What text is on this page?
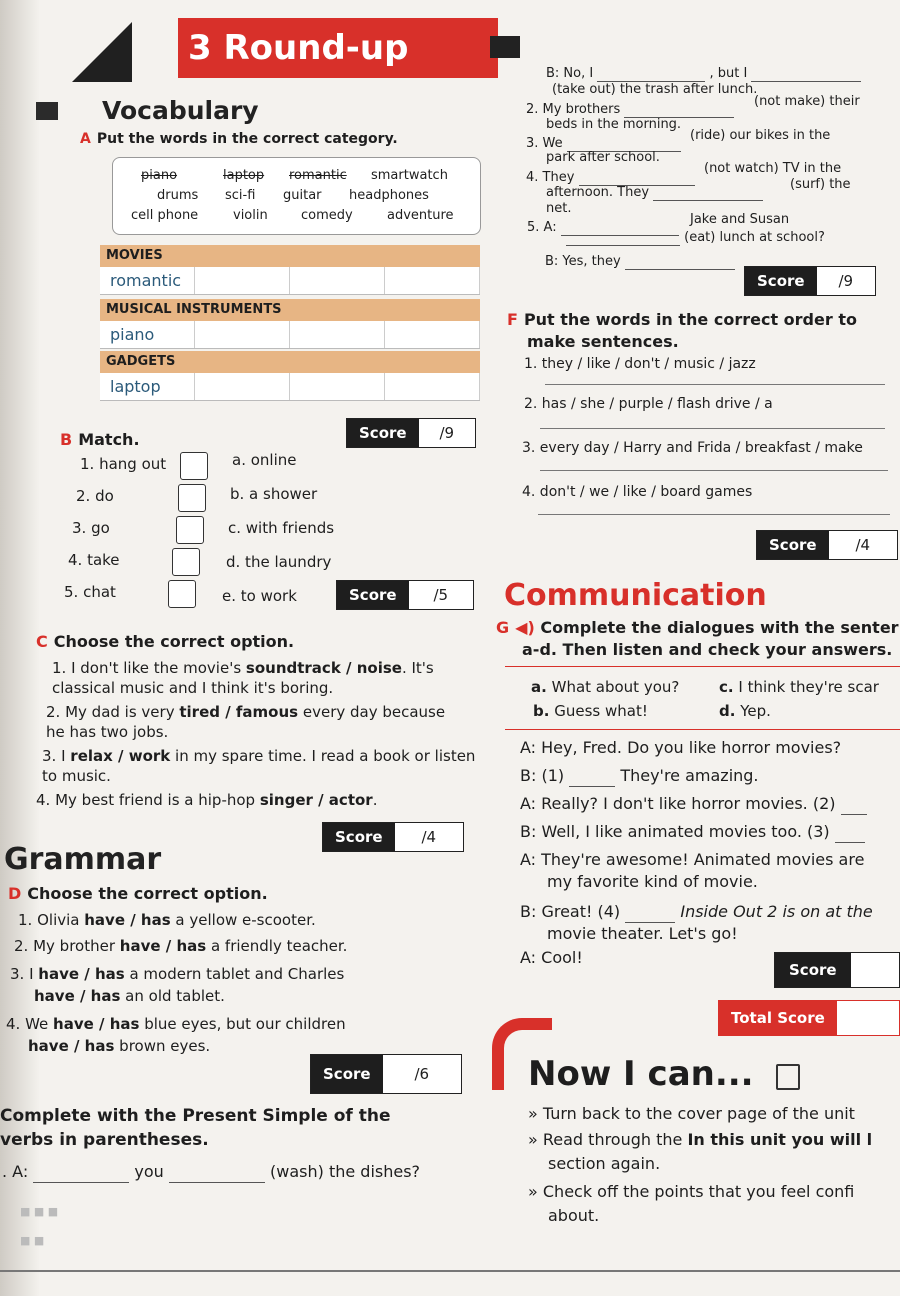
3 Round-up
Vocabulary
A Put the words in the correct category.
piano	laptop romantic smartwatch
drums sci-fi guitar headphones
cell phone	violin	comedy	adventure
MOVIES
romantic
MUSICAL INSTRUMENTS
piano
GADGETS
laptop
Score	/9
B Match.
1. hang out
2. do
3. go
4. take
5. chat
a. online
b. a shower
c. with friends
d. the laundry
e. to work	Score	/5
C Choose the correct option.
1. I don't like the movie's soundtrack / noise. It's classical music and I think it's boring.
2. My dad is very tired / famous every day because he has two jobs.
3. I relax / work in my spare time. I read a book or listen to music.
4. My best friend is a hip-hop singer / actor.
Score	/4
Grammar
D Choose the correct option.
1. Olivia have / has a yellow e-scooter.
2. My brother have / has a friendly teacher.
3. I have / has a modern tablet and Charles
have / has an old tablet.
4. We have / has blue eyes, but our children
have / has brown eyes.
Score	/6
Complete with the Present Simple of the
verbs in parentheses.
. A:	you	(wash) the dishes?
■ ■ ■
■ ■
B: No, I	, but I
(take out) the trash after lunch.
2. My brothers
(not make) their
beds in the morning.
3. We
(ride) our bikes in the
park after school.
4. They
(not watch) TV in the
afternoon. They
(surf) the
net.
5. A:
Jake and Susan
(eat) lunch at school?
B: Yes, they
Score	/9
F Put the words in the correct order to
make sentences.
1. they / like / don't / music / jazz
2. has / she / purple / flash drive / a
3. every day / Harry and Frida / breakfast / make
4. don't / we / like / board games
Score	/4
Communication
G ◀) Complete the dialogues with the senter
a-d. Then listen and check your answers.
a. What about you?	c. I think they're scar
b. Guess what!	d. Yep.
A: Hey, Fred. Do you like horror movies?
B: (1)	They're amazing.
A: Really? I don't like horror movies. (2)
B: Well, I like animated movies too. (3)
A: They're awesome! Animated movies are
my favorite kind of movie.
B: Great! (4)	Inside Out 2 is on at the
movie theater. Let's go!
A: Cool!
Score
Total Score
Now I can...
» Turn back to the cover page of the unit
» Read through the In this unit you will l
section again.
» Check off the points that you feel confi
about.
